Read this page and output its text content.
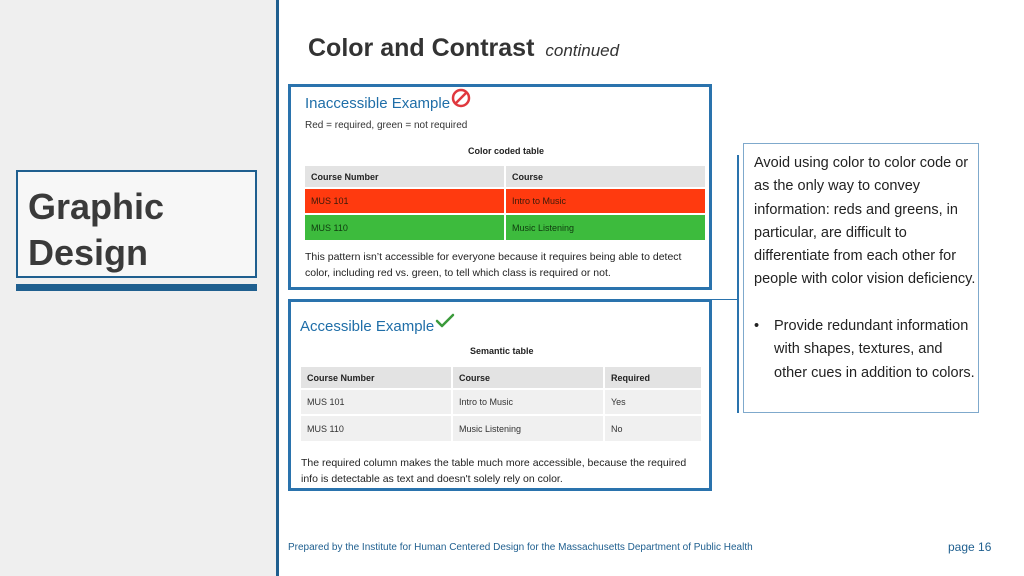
Graphic Design
Color and Contrast continued
Inaccessible Example
Red = required, green = not required
Color coded table
Course Number	Course
MUS 101	Intro to Music
MUS 110	Music Listening
This pattern isn’t accessible for everyone because it requires being able to detect color, including red vs. green, to tell which class is required or not.
Accessible Example
Semantic table
Course Number	Course	Required
MUS 101	Intro to Music	Yes
MUS 110	Music Listening	No
The required column makes the table much more accessible, because the required info is detectable as text and doesn't solely rely on color.
Avoid using color to color code or as the only way to convey information: reds and greens, in particular, are difficult to differentiate from each other for people with color vision deficiency.
• Provide redundant information with shapes, textures, and other cues in addition to colors.
Prepared by the Institute for Human Centered Design for the Massachusetts Department of Public Health	page 16
